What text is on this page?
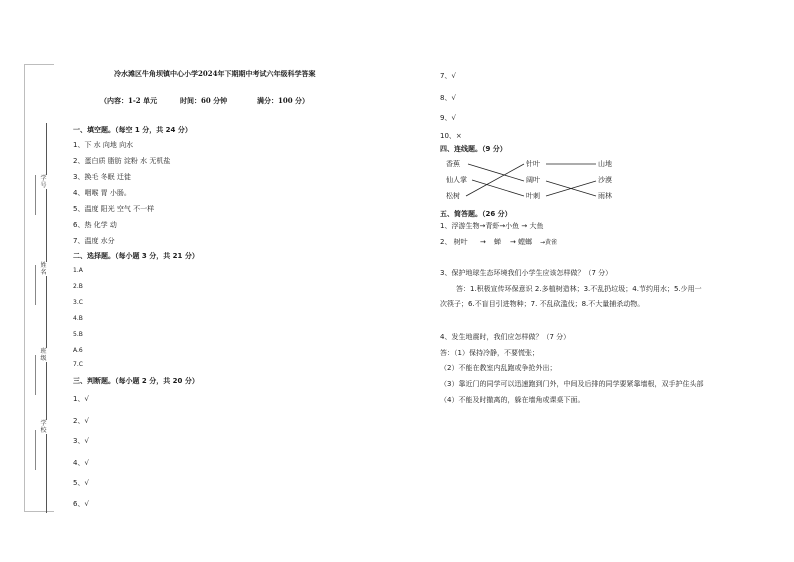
学号
姓名
班级
学校
冷水滩区牛角坝镇中心小学2024年下期期中考试六年级科学答案
（内容：1-2 单元	时间：60 分钟	满分：100 分）
一、填空题。（每空 1 分，共 24 分）
1、下 水 向地 向水
2、蛋白质 脂肪 淀粉 水 无机盐
3、换毛 冬眠 迁徙
4、咽喉 胃 小肠。
5、温度 阳光 空气 不一样
6、热 化学 动
7、温度 水分
二、选择题。（每小题 3 分，共 21 分）
1.A
2.B
3.C
4.B
5.B
A.6
7.C
三、判断题。（每小题 2 分，共 20 分）
1、√
2、√
3、√
4、√
5、√
6、√
7、√
8、√
9、√
10、×
四、连线题。（9 分）
香蕉
仙人掌
松树
针叶
阔叶
叶刺
山地
沙漠
雨林
五、简答题。（26 分）
1、浮游生物→青虾→小鱼 → 大鱼
2、 树叶 → 蝉 → 螳螂 →黄雀
3、保护地球生态环境我们小学生应该怎样做？（7 分）
答：1.积极宣传环保意识 2.多植树造林；3.不乱扔垃圾；4.节约用水；5.少用一
次筷子；6.不盲目引进物种；7. 不乱砍滥伐；8.不大量捕杀动物。
4、发生地震时，我们应怎样做？（7 分）
答：（1）保持冷静，不要慌张；
（2）不能在教室内乱跑或争抢外出；
（3）靠近门的同学可以迅速跑到门外，中间及后排的同学要紧靠墙根，双手护住头部
（4）不能及时撤离的，躲在墙角或课桌下面。
